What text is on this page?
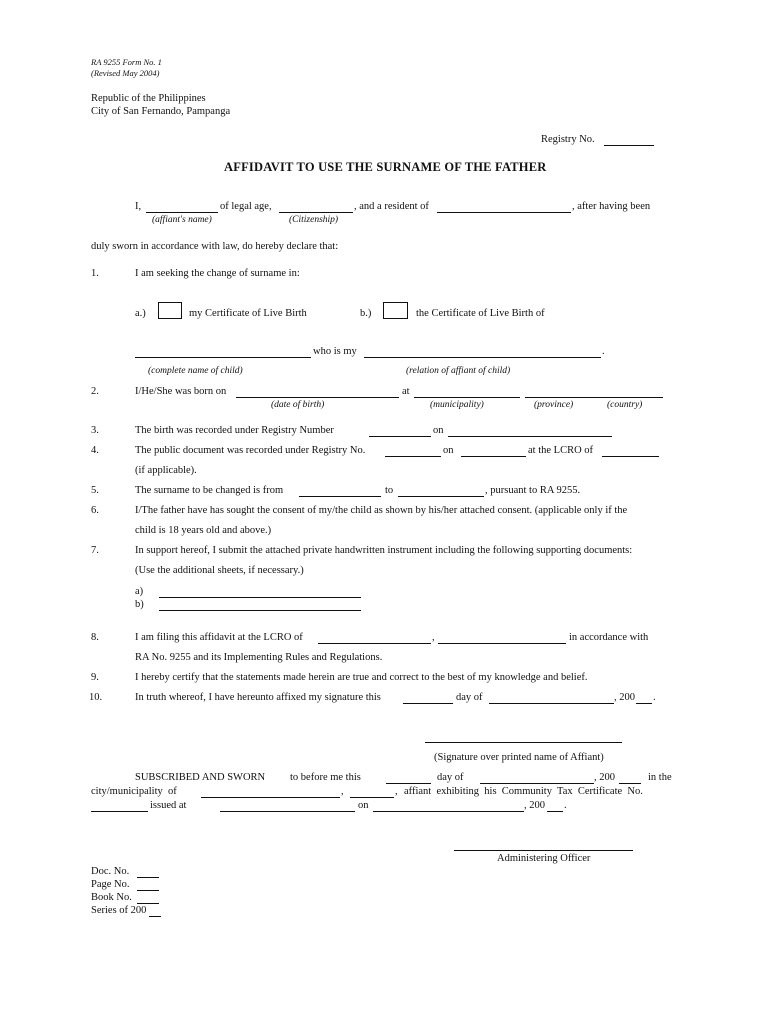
RA 9255 Form No. 1
(Revised May 2004)
Republic of the Philippines
City of San Fernando, Pampanga
Registry No.
AFFIDAVIT TO USE THE SURNAME OF THE FATHER
I,	of legal age,	, and a resident of	, after having been
(affiant's name)	(Citizenship)
duly sworn in accordance with law, do hereby declare that:
1.	I am seeking the change of surname in:
a.)	my Certificate of Live Birth	b.)	the Certificate of Live Birth of
who is my	.
(complete name of child)	(relation of affiant of child)
2.	I/He/She was born on	at
(date of birth)	(municipality)	(province)	(country)
3.	The birth was recorded under Registry Number	on
4.	The public document was recorded under Registry No.	on	at the LCRO of
(if applicable).
5.	The surname to be changed is from	to	, pursuant to RA 9255.
6.	I/The father have has sought the consent of my/the child as shown by his/her attached consent. (applicable only if the
child is 18 years old and above.)
7.	In support hereof, I submit the attached private handwritten instrument including the following supporting documents:
(Use the additional sheets, if necessary.)
a)
b)
8.	I am filing this affidavit at the LCRO of	,	in accordance with
RA No. 9255 and its Implementing Rules and Regulations.
9.	I hereby certify that the statements made herein are true and correct to the best of my knowledge and belief.
10.	In truth whereof, I have hereunto affixed my signature this	day of	, 200 .
(Signature over printed name of Affiant)
SUBSCRIBED AND SWORN to before me this	day of	, 200	in the
city/municipality  of	,	, affiant  exhibiting  his  Community  Tax  Certificate  No.
issued at	on	, 200 .
Administering Officer
Doc. No.
Page No.
Book No.
Series of 200
